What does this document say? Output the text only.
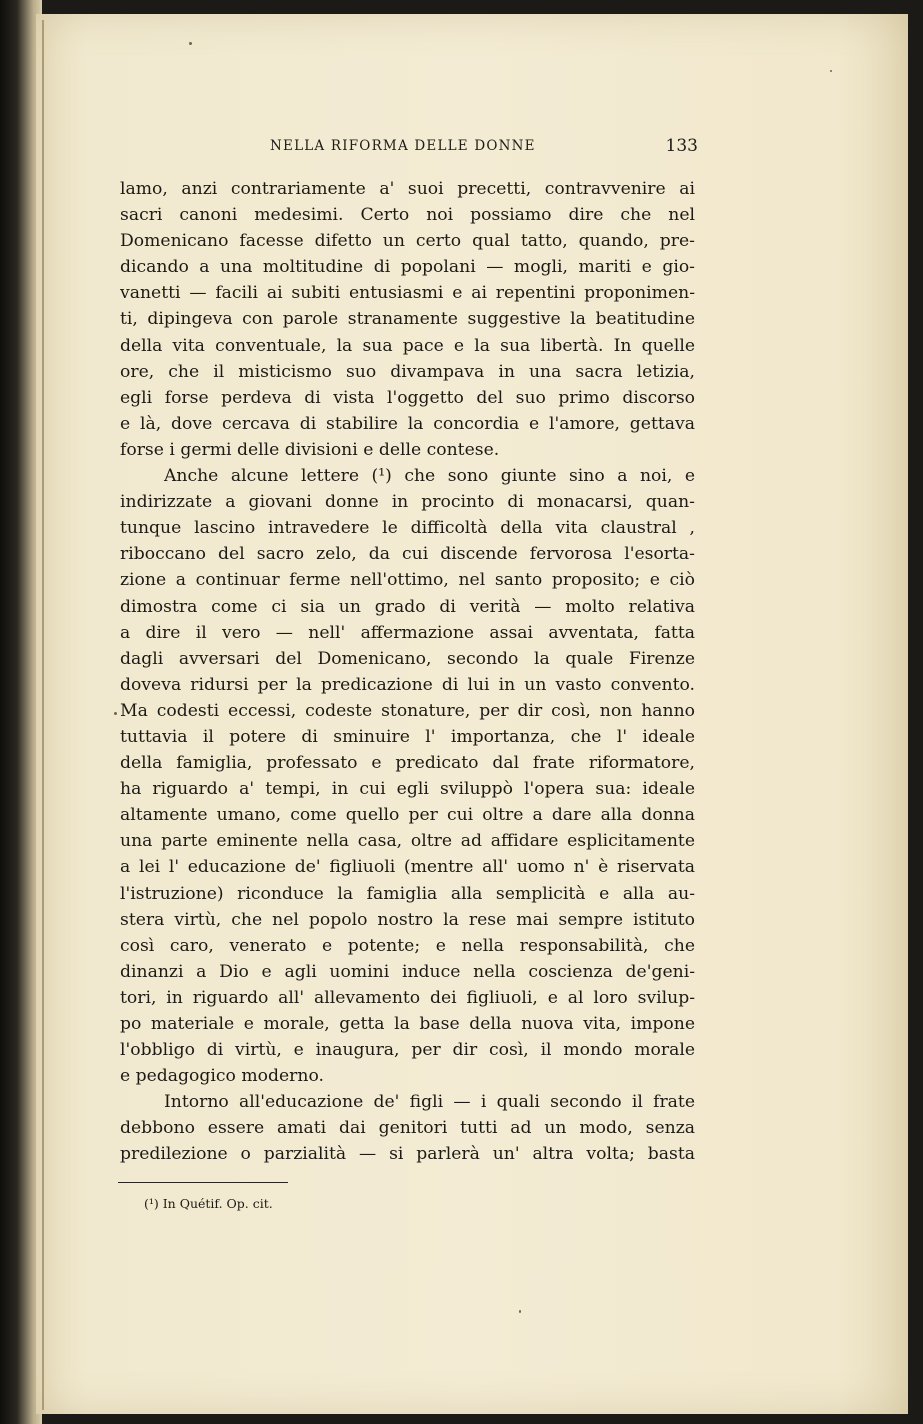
NELLA RIFORMA DELLE DONNE	133
lamo, anzi contrariamente a' suoi precetti, contravvenire ai
sacri canoni medesimi. Certo noi possiamo dire che nel
Domenicano facesse difetto un certo qual tatto, quando, pre-
dicando a una moltitudine di popolani — mogli, mariti e gio-
vanetti — facili ai subiti entusiasmi e ai repentini proponimen-
ti, dipingeva con parole stranamente suggestive la beatitudine
della vita conventuale, la sua pace e la sua libertà. In quelle
ore, che il misticismo suo divampava in una sacra letizia,
egli forse perdeva di vista l'oggetto del suo primo discorso
e là, dove cercava di stabilire la concordia e l'amore, gettava
forse i germi delle divisioni e delle contese.
Anche alcune lettere (¹) che sono giunte sino a noi, e
indirizzate a giovani donne in procinto di monacarsi, quan-
tunque lascino intravedere le difficoltà della vita claustral ,
riboccano del sacro zelo, da cui discende fervorosa l'esorta-
zione a continuar ferme nell'ottimo, nel santo proposito; e ciò
dimostra come ci sia un grado di verità — molto relativa
a dire il vero — nell' affermazione assai avventata, fatta
dagli avversari del Domenicano, secondo la quale Firenze
doveva ridursi per la predicazione di lui in un vasto convento.
Ma codesti eccessi, codeste stonature, per dir così, non hanno
tuttavia il potere di sminuire l' importanza, che l' ideale
della famiglia, professato e predicato dal frate riformatore,
ha riguardo a' tempi, in cui egli sviluppò l'opera sua: ideale
altamente umano, come quello per cui oltre a dare alla donna
una parte eminente nella casa, oltre ad affidare esplicitamente
a lei l' educazione de' figliuoli (mentre all' uomo n' è riservata
l'istruzione) riconduce la famiglia alla semplicità e alla au-
stera virtù, che nel popolo nostro la rese mai sempre istituto
così caro, venerato e potente; e nella responsabilità, che
dinanzi a Dio e agli uomini induce nella coscienza de'geni-
tori, in riguardo all' allevamento dei figliuoli, e al loro svilup-
po materiale e morale, getta la base della nuova vita, impone
l'obbligo di virtù, e inaugura, per dir così, il mondo morale
e pedagogico moderno.
Intorno all'educazione de' figli — i quali secondo il frate
debbono essere amati dai genitori tutti ad un modo, senza
predilezione o parzialità — si parlerà un' altra volta; basta
(¹) In Quétif. Op. cit.
